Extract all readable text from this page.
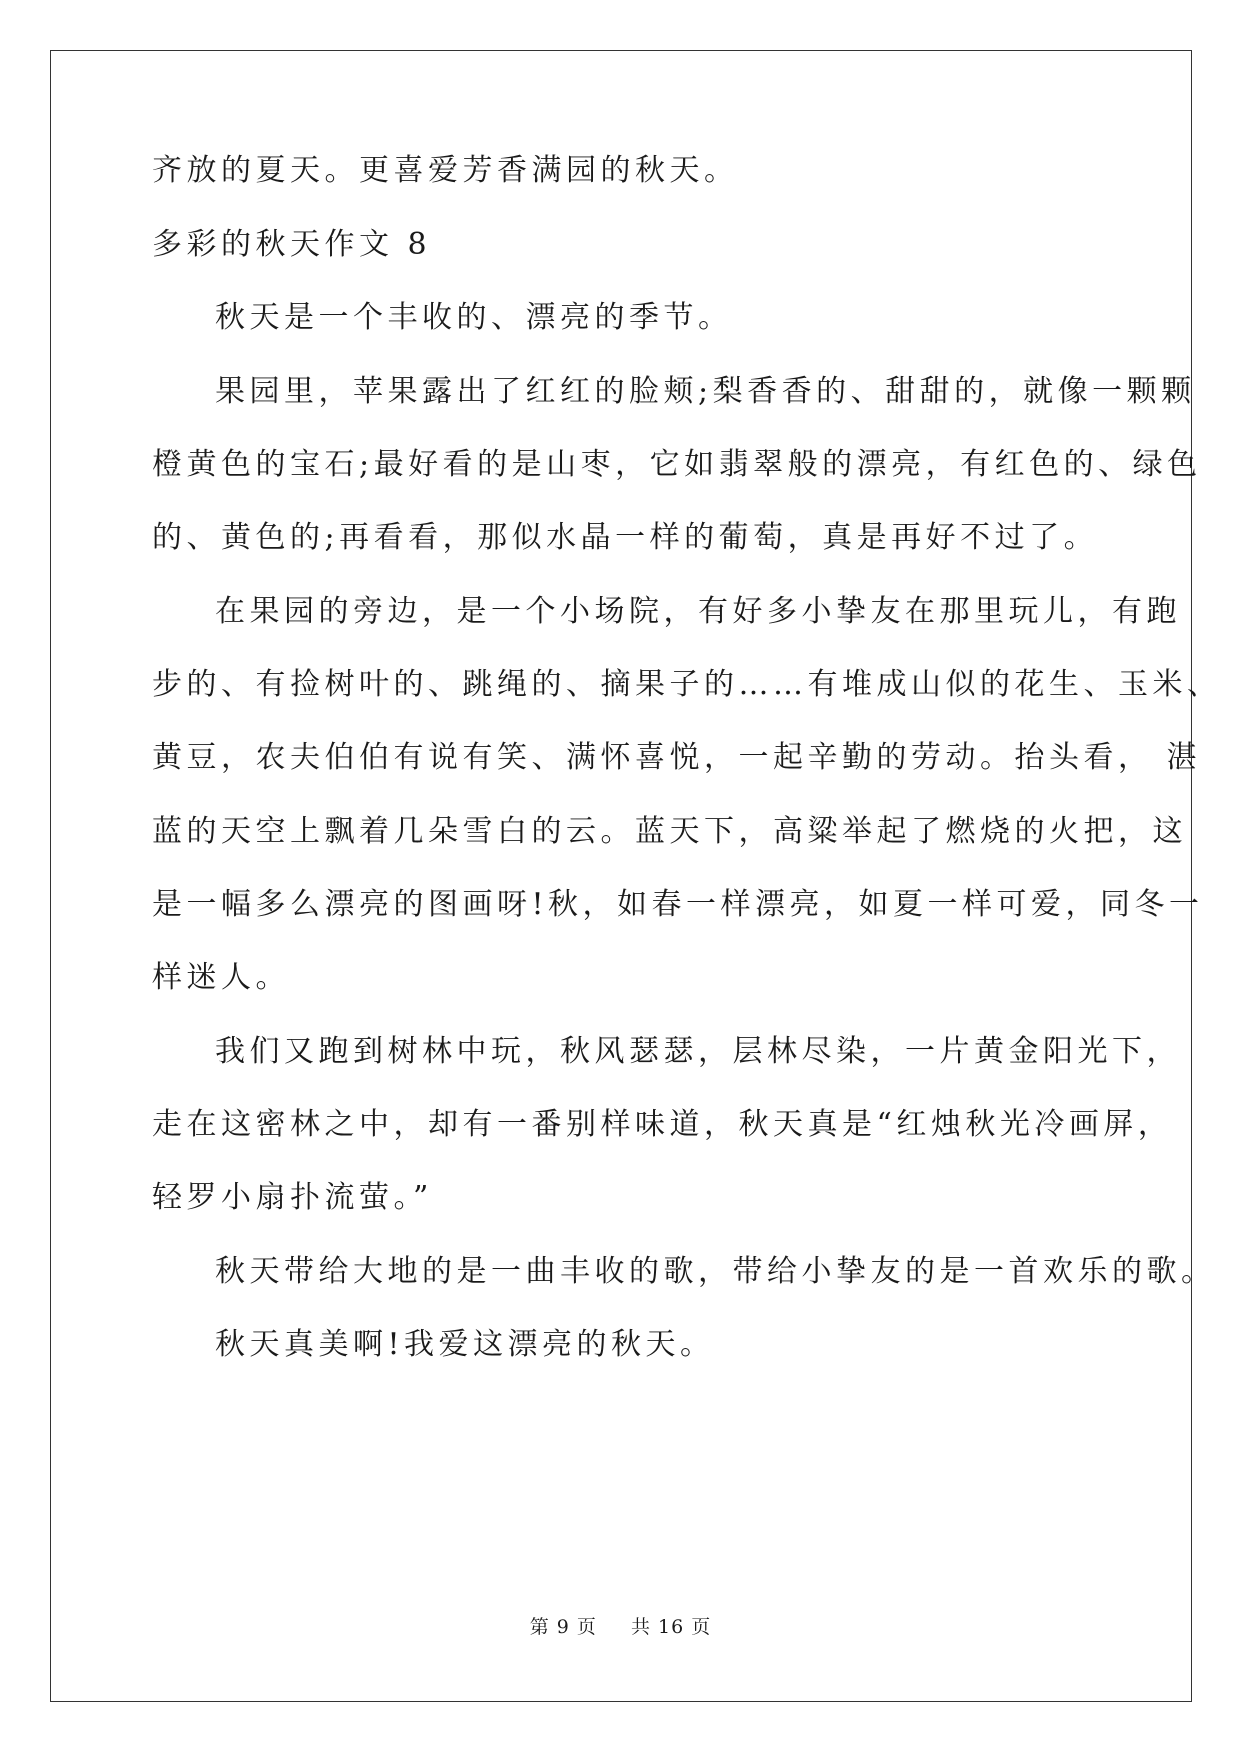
齐放的夏天。更喜爱芳香满园的秋天。
多彩的秋天作文 8
秋天是一个丰收的、漂亮的季节。
果园里，苹果露出了红红的脸颊;梨香香的、甜甜的，就像一颗颗
橙黄色的宝石;最好看的是山枣，它如翡翠般的漂亮，有红色的、绿色
的、黄色的;再看看，那似水晶一样的葡萄，真是再好不过了。
在果园的旁边，是一个小场院，有好多小挚友在那里玩儿，有跑
步的、有捡树叶的、跳绳的、摘果子的……有堆成山似的花生、玉米、
黄豆，农夫伯伯有说有笑、满怀喜悦，一起辛勤的劳动。抬头看， 湛
蓝的天空上飘着几朵雪白的云。蓝天下，高粱举起了燃烧的火把，这
是一幅多么漂亮的图画呀!秋，如春一样漂亮，如夏一样可爱，同冬一
样迷人。
我们又跑到树林中玩，秋风瑟瑟，层林尽染，一片黄金阳光下，
走在这密林之中，却有一番别样味道，秋天真是“红烛秋光冷画屏，
轻罗小扇扑流萤。”
秋天带给大地的是一曲丰收的歌，带给小挚友的是一首欢乐的歌。
秋天真美啊!我爱这漂亮的秋天。
第 9 页 共 16 页
